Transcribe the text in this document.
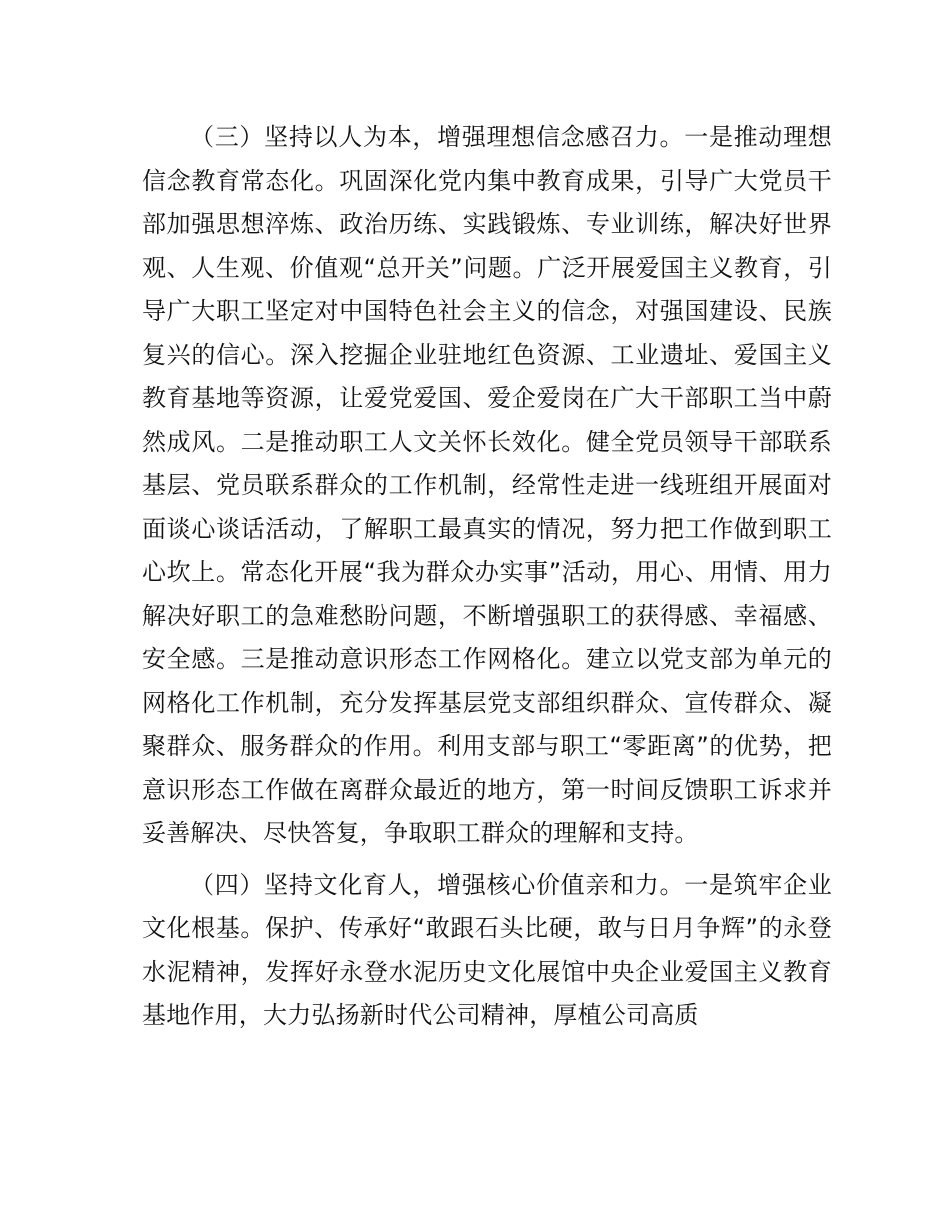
（三）坚持以人为本，增强理想信念感召力。一是推动理想信念教育常态化。巩固深化党内集中教育成果，引导广大党员干部加强思想淬炼、政治历练、实践锻炼、专业训练，解决好世界观、人生观、价值观“总开关”问题。广泛开展爱国主义教育，引导广大职工坚定对中国特色社会主义的信念，对强国建设、民族复兴的信心。深入挖掘企业驻地红色资源、工业遗址、爱国主义教育基地等资源，让爱党爱国、爱企爱岗在广大干部职工当中蔚然成风。二是推动职工人文关怀长效化。健全党员领导干部联系基层、党员联系群众的工作机制，经常性走进一线班组开展面对面谈心谈话活动，了解职工最真实的情况，努力把工作做到职工心坎上。常态化开展“我为群众办实事”活动，用心、用情、用力解决好职工的急难愁盼问题，不断增强职工的获得感、幸福感、安全感。三是推动意识形态工作网格化。建立以党支部为单元的网格化工作机制，充分发挥基层党支部组织群众、宣传群众、凝聚群众、服务群众的作用。利用支部与职工“零距离”的优势，把意识形态工作做在离群众最近的地方，第一时间反馈职工诉求并妥善解决、尽快答复，争取职工群众的理解和支持。

（四）坚持文化育人，增强核心价值亲和力。一是筑牢企业文化根基。保护、传承好“敢跟石头比硬，敢与日月争辉”的永登水泥精神，发挥好永登水泥历史文化展馆中央企业爱国主义教育基地作用，大力弘扬新时代公司精神，厚植公司高质
